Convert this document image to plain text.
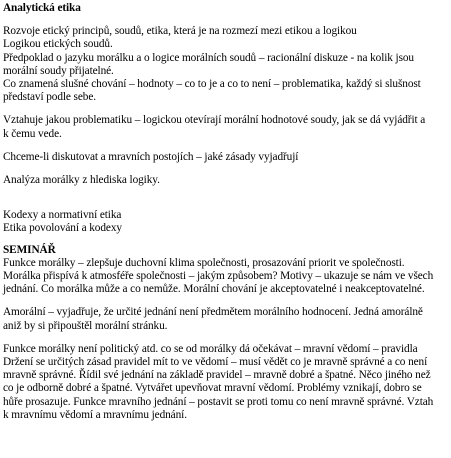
Analytická etika
Rozvoje etický principů, soudů, etika, která je na rozmezí mezi etikou a logikou
Logikou etických soudů.
Předpoklad o jazyku morálku a o logice morálních soudů – racionální diskuze - na kolik jsou
morální soudy přijatelné.
Co znamená slušné chování – hodnoty – co to je a co to není – problematika, každý si slušnost
představí podle sebe.
Vztahuje jakou problematiku – logickou otevírají morální hodnotové soudy, jak se dá vyjádřit a
k čemu vede.
Chceme-li diskutovat a mravních postojích – jaké zásady vyjadřují
Analýza morálky z hlediska logiky.
Kodexy a normativní etika
Etika povolování a kodexy
SEMINÁŘ
Funkce morálky – zlepšuje duchovní klima společnosti, prosazování priorit ve společnosti.
Morálka přispívá k atmosféře společnosti – jakým způsobem? Motivy – ukazuje se nám ve všech
jednání. Co morálka může a co nemůže. Morální chování je akceptovatelné i neakceptovatelné.
Amorální – vyjadřuje, že určité jednání není předmětem morálního hodnocení. Jedná amorálně
aniž by si připouštěl morální stránku.
Funkce morálky není politický atd. co se od morálky dá očekávat – mravní vědomí – pravidla
Držení se určitých zásad pravidel mít to ve vědomí – musí vědět co je mravně správné a co není
mravně správné. Řídil své jednání na základě pravidel – mravně dobré a špatné. Něco jiného než
co je odborně dobré a špatné. Vytvářet upevňovat mravní vědomí. Problémy vznikají, dobro se
hůře prosazuje. Funkce mravního jednání – postavit se proti tomu co není mravně správné. Vztah
k mravnímu vědomí a mravnímu jednání.
